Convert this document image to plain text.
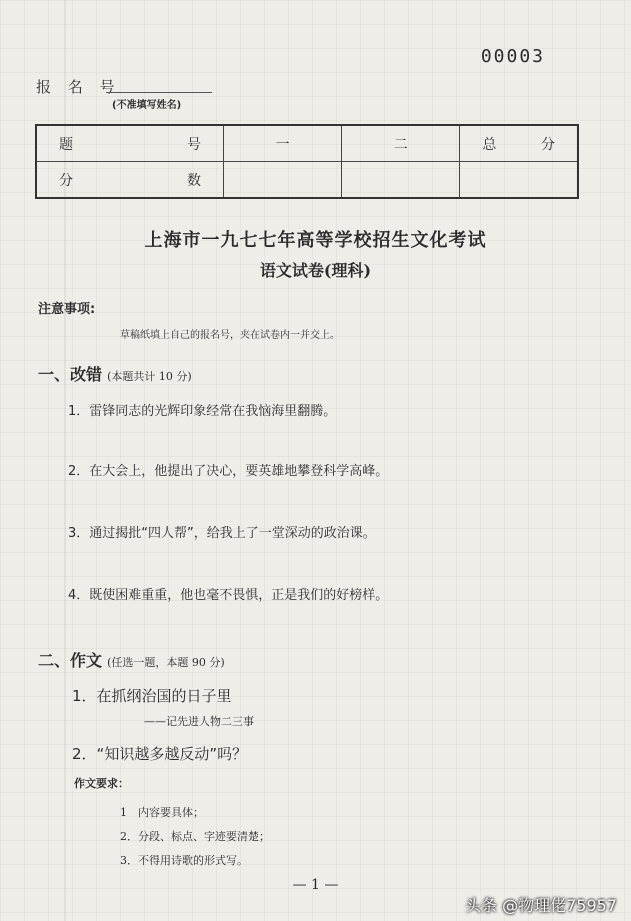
00003
报 名 号
(不准填写姓名)
题 号	一	二	总 分
分 数			
上海市一九七七年高等学校招生文化考试
语文试卷(理科)
注意事项:
草稿纸填上自己的报名号，夹在试卷内一并交上。
一、改错 (本题共计 10 分)
1．雷锋同志的光辉印象经常在我恼海里翻腾。
2．在大会上，他提出了决心，要英雄地攀登科学高峰。
3．通过揭批“四人帮”，给我上了一堂深动的政治课。
4．既使困难重重，他也毫不畏惧，正是我们的好榜样。
二、作文 (任选一题，本题 90 分)
1．在抓纲治国的日子里
——记先进人物二三事
2．“知识越多越反动”吗？
作文要求：
1　内容要具体；
2．分段、标点、字迹要清楚；
3．不得用诗歌的形式写。
— 1 —
头条 @物理佬75957
